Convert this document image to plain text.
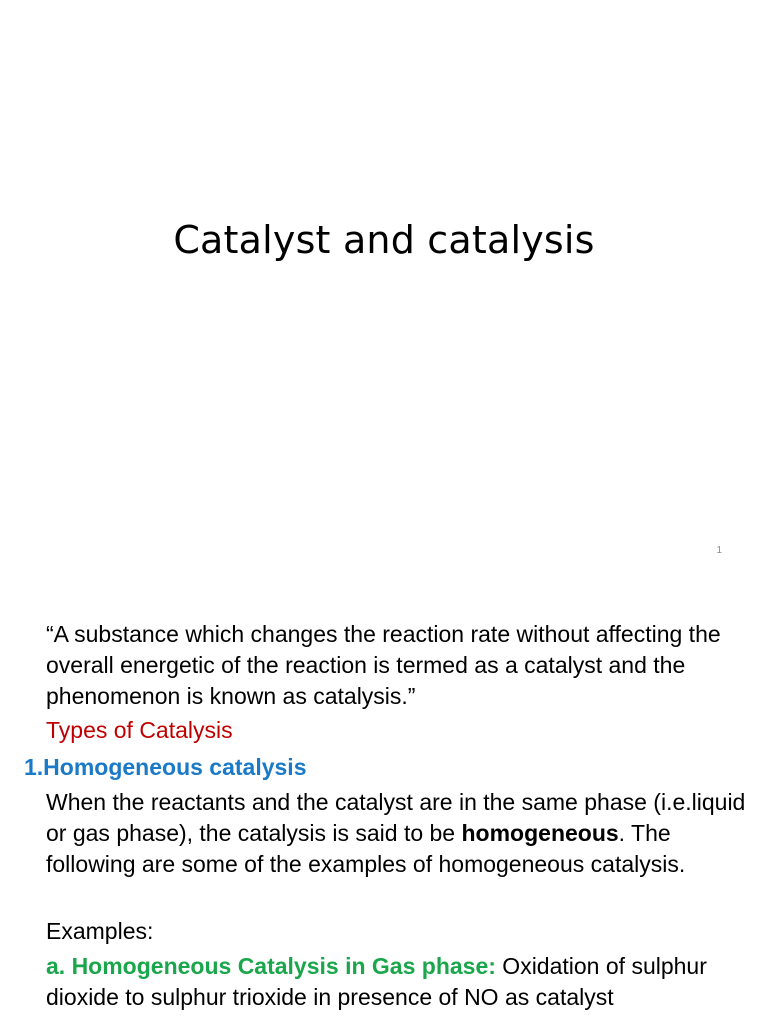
Catalyst and catalysis
1
“A substance which changes the reaction rate without affecting the overall energetic of the reaction is termed as a catalyst and the phenomenon is known as catalysis.”
Types of Catalysis
1.Homogeneous catalysis
When the reactants and the catalyst are in the same phase (i.e.liquid or gas phase), the catalysis is said to be homogeneous. The following are some of the examples of homogeneous catalysis.
Examples:
a. Homogeneous Catalysis in Gas phase: Oxidation of sulphur dioxide to sulphur trioxide in presence of NO as catalyst
